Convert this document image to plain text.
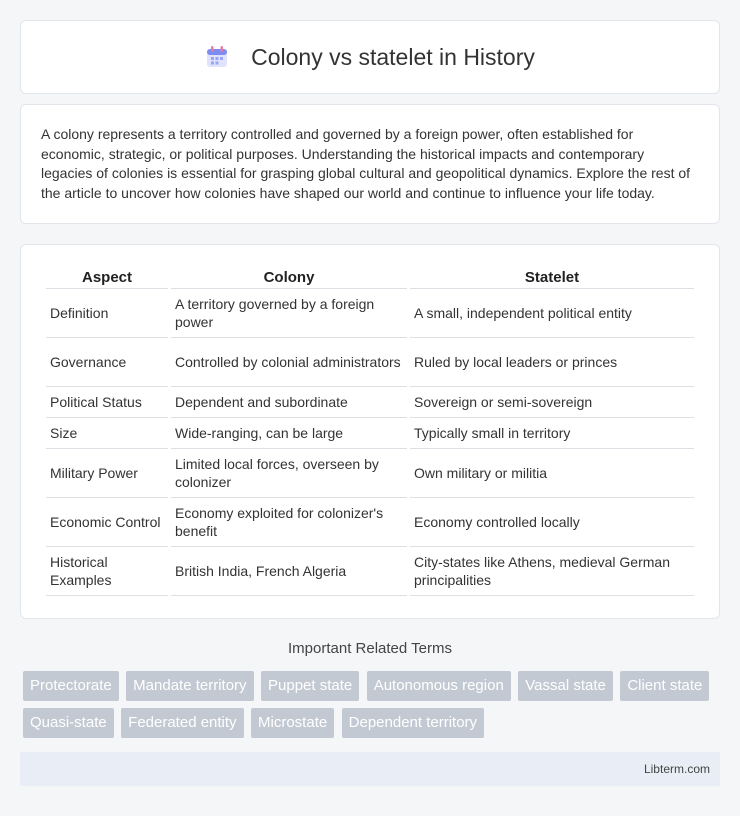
Colony vs statelet in History

A colony represents a territory controlled and governed by a foreign power, often established for economic, strategic, or political purposes. Understanding the historical impacts and contemporary legacies of colonies is essential for grasping global cultural and geopolitical dynamics. Explore the rest of the article to uncover how colonies have shaped our world and continue to influence your life today.

Aspect	Colony	Statelet
Definition	A territory governed by a foreign power	A small, independent political entity
Governance	Controlled by colonial administrators	Ruled by local leaders or princes
Political Status	Dependent and subordinate	Sovereign or semi-sovereign
Size	Wide-ranging, can be large	Typically small in territory
Military Power	Limited local forces, overseen by colonizer	Own military or militia
Economic Control	Economy exploited for colonizer's benefit	Economy controlled locally
Historical Examples	British India, French Algeria	City-states like Athens, medieval German principalities
Important Related Terms
Protectorate Mandate territory Puppet state Autonomous region Vassal state Client state Quasi-state Federated entity Microstate Dependent territory
Libterm.com
